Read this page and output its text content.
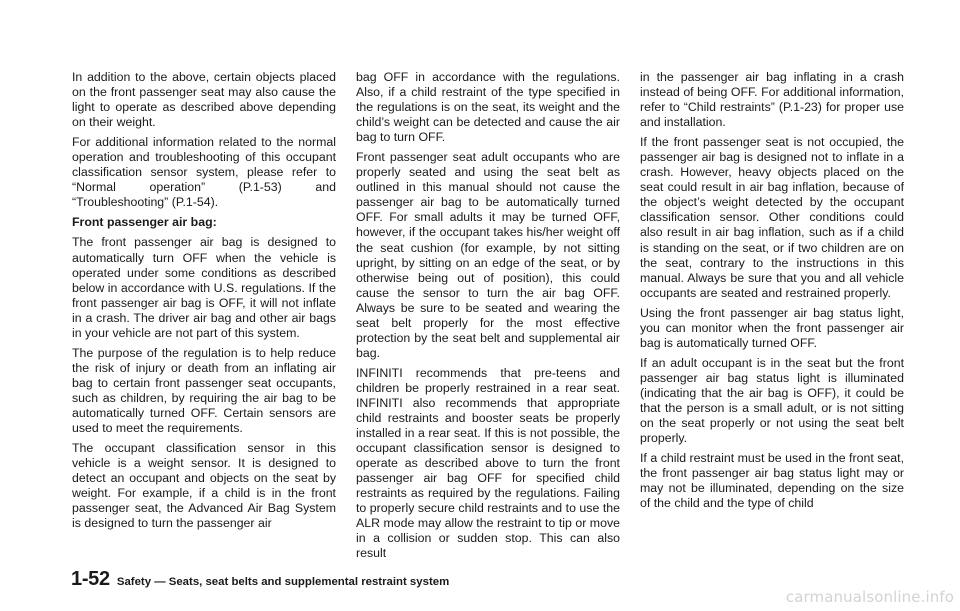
In addition to the above, certain objects placed on the front passenger seat may also cause the light to operate as described above depending on their weight.

For additional information related to the normal operation and troubleshooting of this occupant classification sensor system, please refer to “Normal operation” (P.1-53) and “Troubleshooting” (P.1-54).

Front passenger air bag:

The front passenger air bag is designed to automatically turn OFF when the vehicle is operated under some conditions as described below in accordance with U.S. regulations. If the front passenger air bag is OFF, it will not inflate in a crash. The driver air bag and other air bags in your vehicle are not part of this system.

The purpose of the regulation is to help reduce the risk of injury or death from an inflating air bag to certain front passenger seat occupants, such as children, by requiring the air bag to be automatically turned OFF. Certain sensors are used to meet the requirements.

The occupant classification sensor in this vehicle is a weight sensor. It is designed to detect an occupant and objects on the seat by weight. For example, if a child is in the front passenger seat, the Advanced Air Bag System is designed to turn the passenger air

bag OFF in accordance with the regulations. Also, if a child restraint of the type specified in the regulations is on the seat, its weight and the child’s weight can be detected and cause the air bag to turn OFF.

Front passenger seat adult occupants who are properly seated and using the seat belt as outlined in this manual should not cause the passenger air bag to be automatically turned OFF. For small adults it may be turned OFF, however, if the occupant takes his/her weight off the seat cushion (for example, by not sitting upright, by sitting on an edge of the seat, or by otherwise being out of position), this could cause the sensor to turn the air bag OFF. Always be sure to be seated and wearing the seat belt properly for the most effective protection by the seat belt and supplemental air bag.

INFINITI recommends that pre-teens and children be properly restrained in a rear seat. INFINITI also recommends that appropriate child restraints and booster seats be properly installed in a rear seat. If this is not possible, the occupant classification sensor is designed to operate as described above to turn the front passenger air bag OFF for specified child restraints as required by the regulations. Failing to properly secure child restraints and to use the ALR mode may allow the restraint to tip or move in a collision or sudden stop. This can also result

in the passenger air bag inflating in a crash instead of being OFF. For additional information, refer to “Child restraints” (P.1-23) for proper use and installation.

If the front passenger seat is not occupied, the passenger air bag is designed not to inflate in a crash. However, heavy objects placed on the seat could result in air bag inflation, because of the object’s weight detected by the occupant classification sensor. Other conditions could also result in air bag inflation, such as if a child is standing on the seat, or if two children are on the seat, contrary to the instructions in this manual. Always be sure that you and all vehicle occupants are seated and restrained properly.

Using the front passenger air bag status light, you can monitor when the front passenger air bag is automatically turned OFF.

If an adult occupant is in the seat but the front passenger air bag status light is illuminated (indicating that the air bag is OFF), it could be that the person is a small adult, or is not sitting on the seat properly or not using the seat belt properly.

If a child restraint must be used in the front seat, the front passenger air bag status light may or may not be illuminated, depending on the size of the child and the type of child

1-52 Safety — Seats, seat belts and supplemental restraint system
carmanualsonline.info
